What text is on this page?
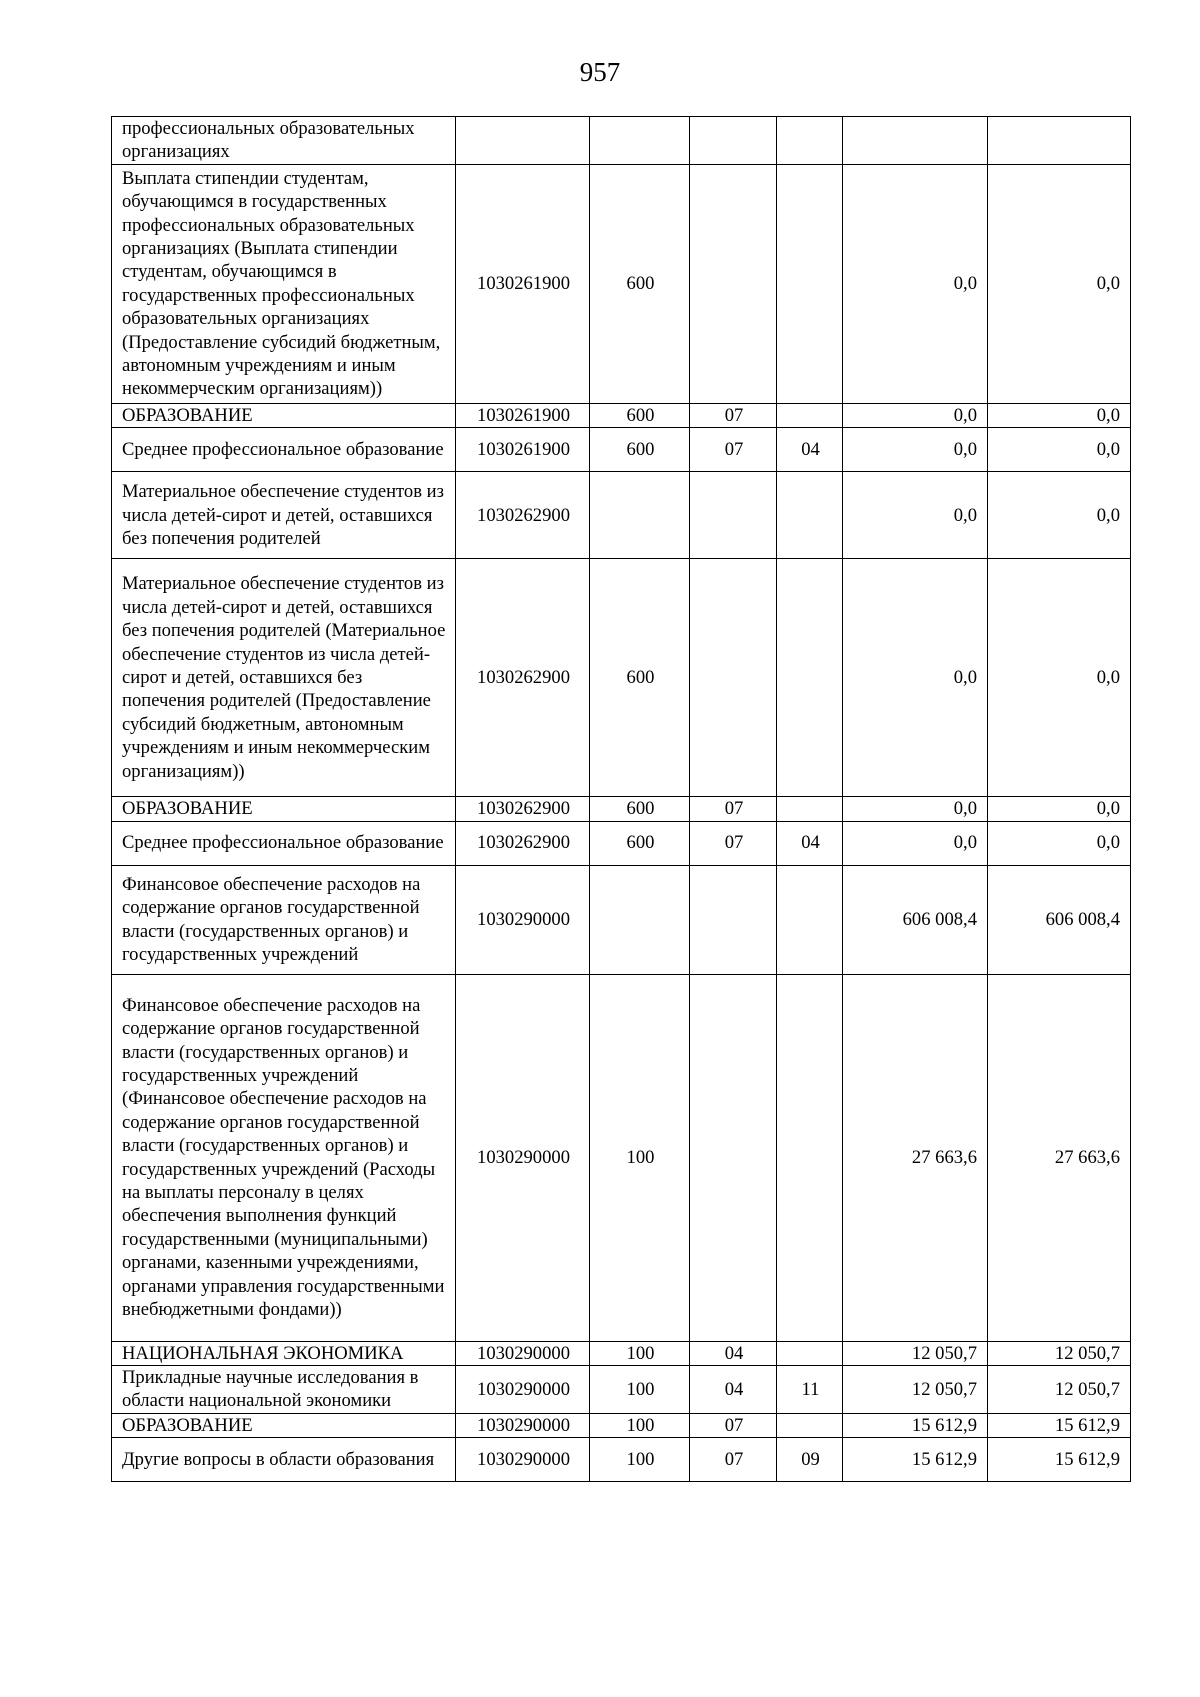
957
профессиональных образовательных организациях						
Выплата стипендии студентам, обучающимся в государственных профессиональных образовательных организациях (Выплата стипендии студентам, обучающимся в государственных профессиональных образовательных организациях (Предоставление субсидий бюджетным, автономным учреждениям и иным некоммерческим организациям))	1030261900	600			0,0	0,0
ОБРАЗОВАНИЕ	1030261900	600	07		0,0	0,0
Среднее профессиональное образование	1030261900	600	07	04	0,0	0,0
Материальное обеспечение студентов из числа детей-сирот и детей, оставшихся без попечения родителей	1030262900				0,0	0,0
Материальное обеспечение студентов из числа детей-сирот и детей, оставшихся без попечения родителей (Материальное обеспечение студентов из числа детей-сирот и детей, оставшихся без попечения родителей (Предоставление субсидий бюджетным, автономным учреждениям и иным некоммерческим организациям))	1030262900	600			0,0	0,0
ОБРАЗОВАНИЕ	1030262900	600	07		0,0	0,0
Среднее профессиональное образование	1030262900	600	07	04	0,0	0,0
Финансовое обеспечение расходов на содержание органов государственной власти (государственных органов) и государственных учреждений	1030290000				606 008,4	606 008,4
Финансовое обеспечение расходов на содержание органов государственной власти (государственных органов) и государственных учреждений (Финансовое обеспечение расходов на содержание органов государственной власти (государственных органов) и государственных учреждений (Расходы на выплаты персоналу в целях обеспечения выполнения функций государственными (муниципальными) органами, казенными учреждениями, органами управления государственными внебюджетными фондами))	1030290000	100			27 663,6	27 663,6
НАЦИОНАЛЬНАЯ ЭКОНОМИКА	1030290000	100	04		12 050,7	12 050,7
Прикладные научные исследования в области национальной экономики	1030290000	100	04	11	12 050,7	12 050,7
ОБРАЗОВАНИЕ	1030290000	100	07		15 612,9	15 612,9
Другие вопросы в области образования	1030290000	100	07	09	15 612,9	15 612,9
